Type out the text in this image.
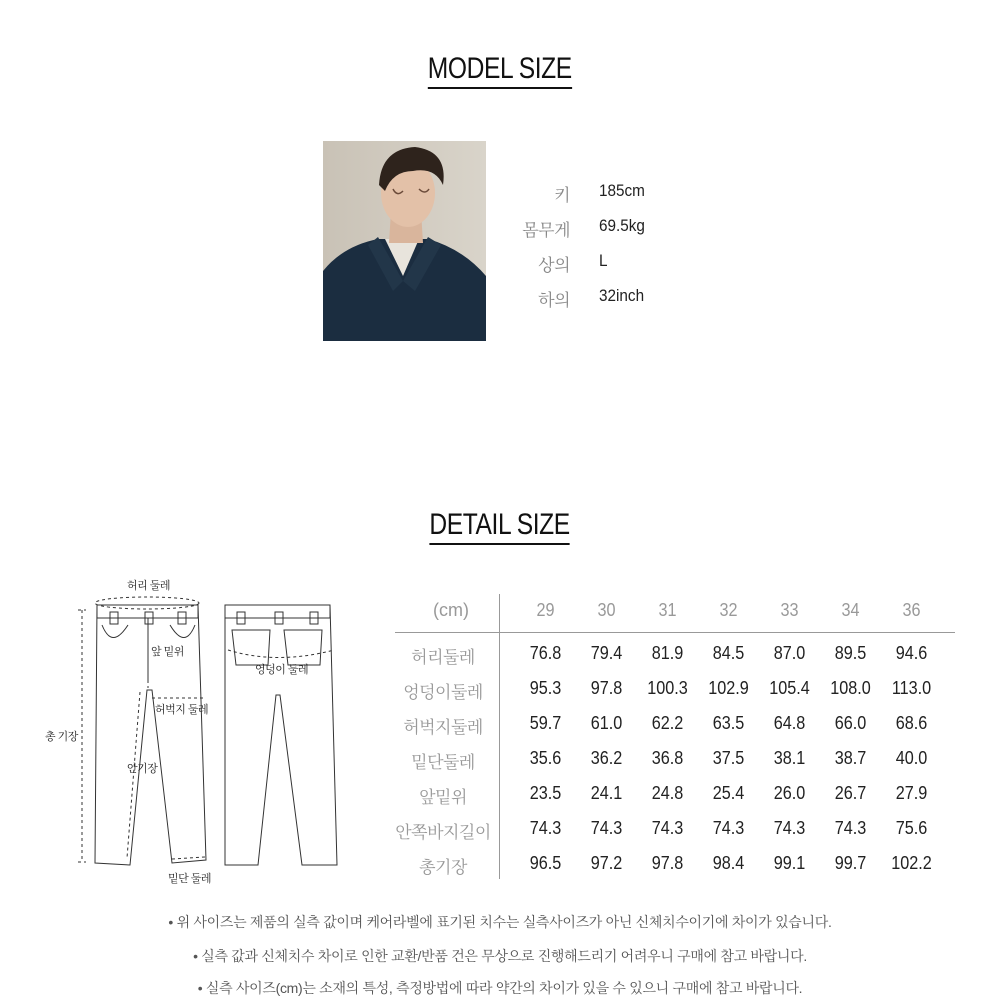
MODEL SIZE
키 185cm
몸무게 69.5kg
상의 L
하의 32inch
DETAIL SIZE
허리 둘레
앞 밑위
엉덩이 둘레
허벅지 둘레
총 기장
안기장
밑단 둘레
(cm)	29	30	31	32	33	34	36
허리둘레	76.8	79.4	81.9	84.5	87.0	89.5	94.6
엉덩이둘레	95.3	97.8	100.3	102.9	105.4	108.0	113.0
허벅지둘레	59.7	61.0	62.2	63.5	64.8	66.0	68.6
밑단둘레	35.6	36.2	36.8	37.5	38.1	38.7	40.0
앞밑위	23.5	24.1	24.8	25.4	26.0	26.7	27.9
안쪽바지길이	74.3	74.3	74.3	74.3	74.3	74.3	75.6
총기장	96.5	97.2	97.8	98.4	99.1	99.7	102.2
• 위 사이즈는 제품의 실측 값이며 케어라벨에 표기된 치수는 실측사이즈가 아닌 신체치수이기에 차이가 있습니다.
• 실측 값과 신체치수 차이로 인한 교환/반품 건은 무상으로 진행해드리기 어려우니 구매에 참고 바랍니다.
• 실측 사이즈(cm)는 소재의 특성, 측정방법에 따라 약간의 차이가 있을 수 있으니 구매에 참고 바랍니다.
